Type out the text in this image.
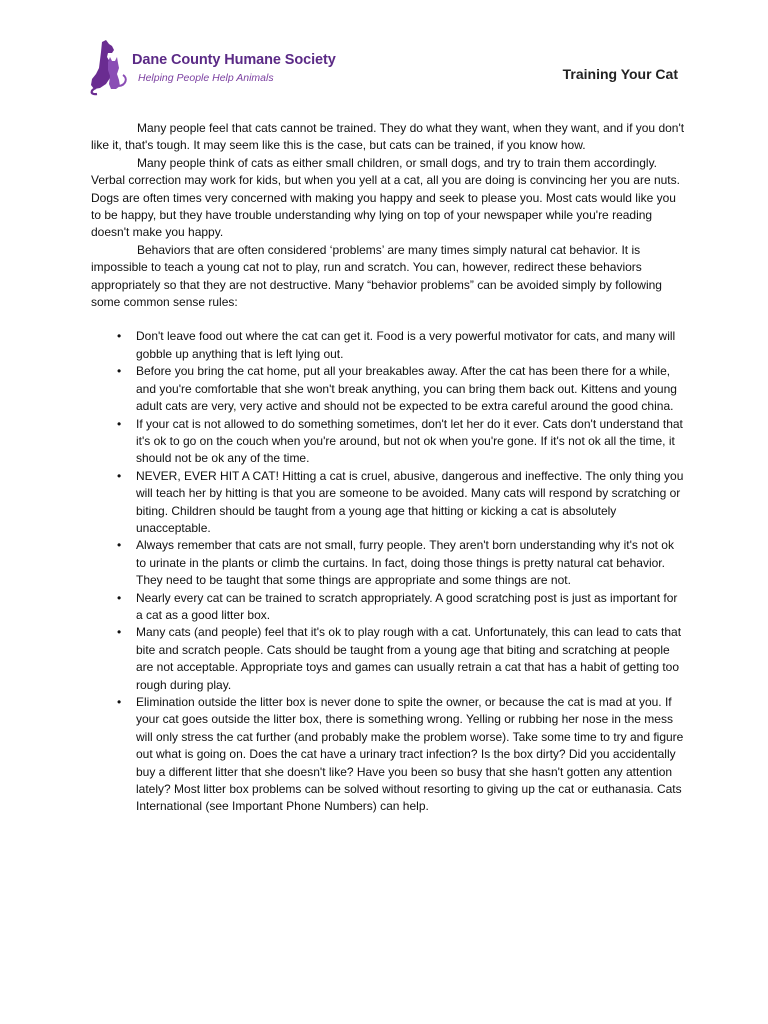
Dane County Humane Society
Helping People Help Animals	Training Your Cat

Many people feel that cats cannot be trained. They do what they want, when they want, and if you don't like it, that's tough. It may seem like this is the case, but cats can be trained, if you know how.

Many people think of cats as either small children, or small dogs, and try to train them accordingly. Verbal correction may work for kids, but when you yell at a cat, all you are doing is convincing her you are nuts. Dogs are often times very concerned with making you happy and seek to please you. Most cats would like you to be happy, but they have trouble understanding why lying on top of your newspaper while you're reading doesn't make you happy.

Behaviors that are often considered ‘problems’ are many times simply natural cat behavior. It is impossible to teach a young cat not to play, run and scratch. You can, however, redirect these behaviors appropriately so that they are not destructive. Many “behavior problems” can be avoided simply by following some common sense rules:

• Don't leave food out where the cat can get it. Food is a very powerful motivator for cats, and many will gobble up anything that is left lying out.
• Before you bring the cat home, put all your breakables away. After the cat has been there for a while, and you're comfortable that she won't break anything, you can bring them back out. Kittens and young adult cats are very, very active and should not be expected to be extra careful around the good china.
• If your cat is not allowed to do something sometimes, don't let her do it ever. Cats don't understand that it's ok to go on the couch when you're around, but not ok when you're gone. If it's not ok all the time, it should not be ok any of the time.
• NEVER, EVER HIT A CAT! Hitting a cat is cruel, abusive, dangerous and ineffective. The only thing you will teach her by hitting is that you are someone to be avoided. Many cats will respond by scratching or biting. Children should be taught from a young age that hitting or kicking a cat is absolutely unacceptable.
• Always remember that cats are not small, furry people. They aren't born understanding why it's not ok to urinate in the plants or climb the curtains. In fact, doing those things is pretty natural cat behavior. They need to be taught that some things are appropriate and some things are not.
• Nearly every cat can be trained to scratch appropriately. A good scratching post is just as important for a cat as a good litter box.
• Many cats (and people) feel that it's ok to play rough with a cat. Unfortunately, this can lead to cats that bite and scratch people. Cats should be taught from a young age that biting and scratching at people are not acceptable. Appropriate toys and games can usually retrain a cat that has a habit of getting too rough during play.
• Elimination outside the litter box is never done to spite the owner, or because the cat is mad at you. If your cat goes outside the litter box, there is something wrong. Yelling or rubbing her nose in the mess will only stress the cat further (and probably make the problem worse). Take some time to try and figure out what is going on. Does the cat have a urinary tract infection? Is the box dirty? Did you accidentally buy a different litter that she doesn't like? Have you been so busy that she hasn't gotten any attention lately? Most litter box problems can be solved without resorting to giving up the cat or euthanasia. Cats International (see Important Phone Numbers) can help.
